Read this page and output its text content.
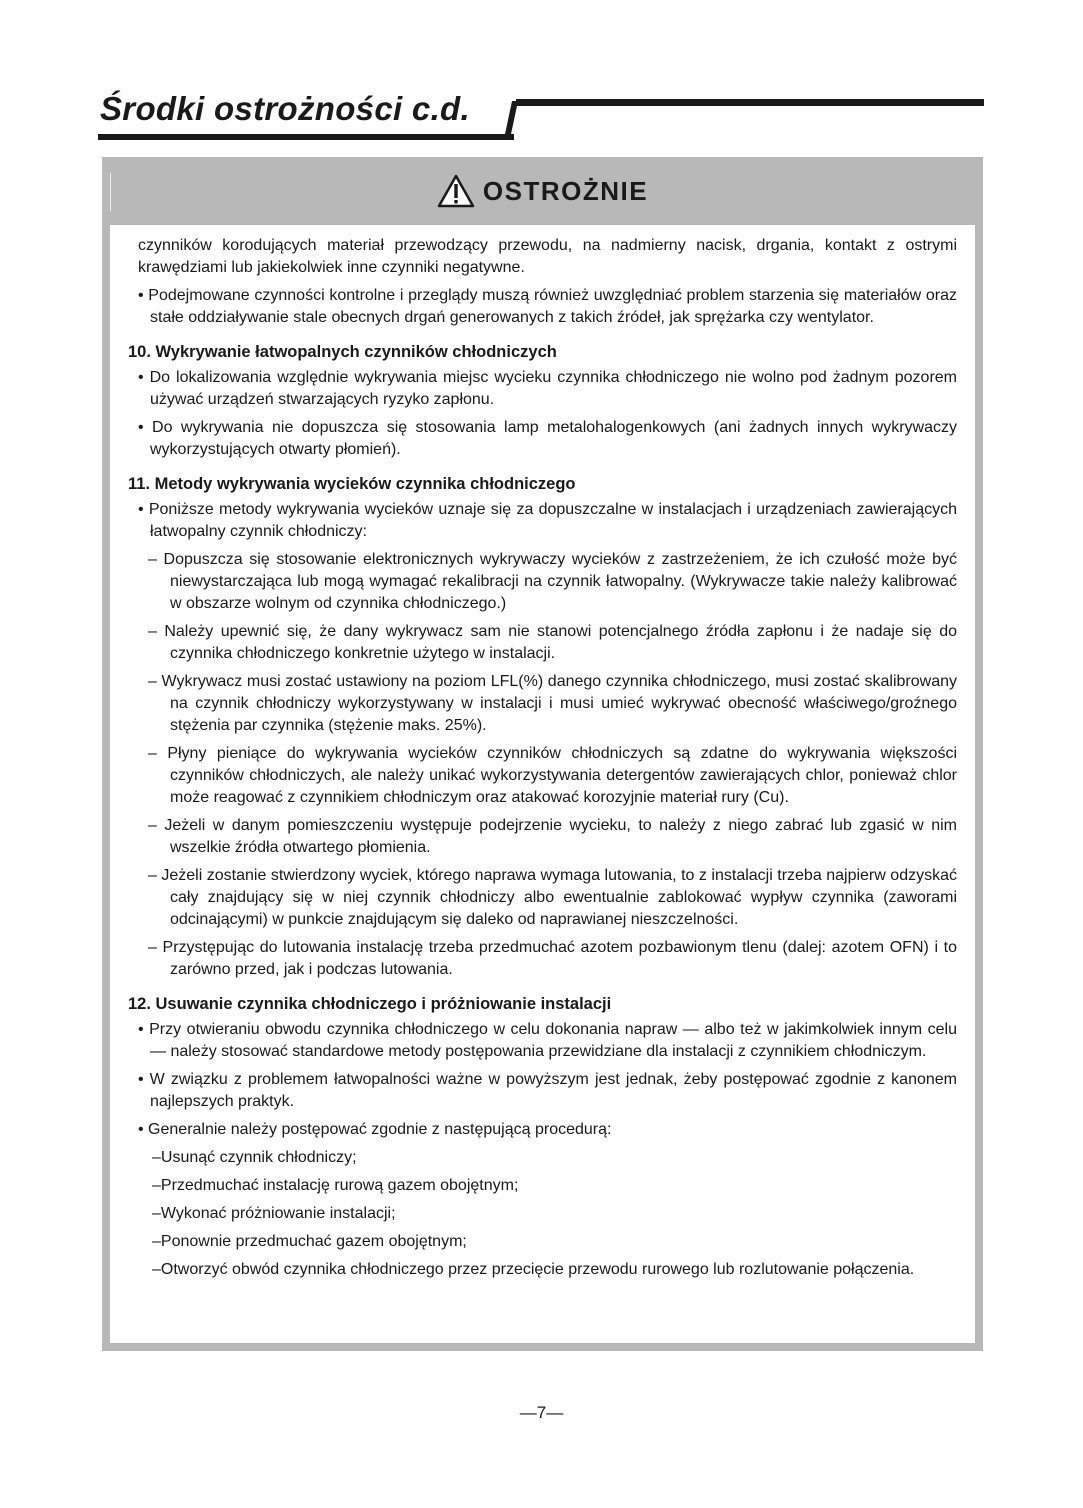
Środki ostrożności c.d.
OSTROŻNIE
czynników korodujących materiał przewodzący przewodu, na nadmierny nacisk, drgania, kontakt z ostrymi krawędziami lub jakiekolwiek inne czynniki negatywne.
• Podejmowane czynności kontrolne i przeglądy muszą również uwzględniać problem starzenia się materiałów oraz stałe oddziaływanie stale obecnych drgań generowanych z takich źródeł, jak sprężarka czy wentylator.
10. Wykrywanie łatwopalnych czynników chłodniczych
• Do lokalizowania względnie wykrywania miejsc wycieku czynnika chłodniczego nie wolno pod żadnym pozorem używać urządzeń stwarzających ryzyko zapłonu.
• Do wykrywania nie dopuszcza się stosowania lamp metalohalogenkowych (ani żadnych innych wykrywaczy wykorzystujących otwarty płomień).
11. Metody wykrywania wycieków czynnika chłodniczego
• Poniższe metody wykrywania wycieków uznaje się za dopuszczalne w instalacjach i urządzeniach zawierających łatwopalny czynnik chłodniczy:
– Dopuszcza się stosowanie elektronicznych wykrywaczy wycieków z zastrzeżeniem, że ich czułość może być niewystarczająca lub mogą wymagać rekalibracji na czynnik łatwopalny. (Wykrywacze takie należy kalibrować w obszarze wolnym od czynnika chłodniczego.)
– Należy upewnić się, że dany wykrywacz sam nie stanowi potencjalnego źródła zapłonu i że nadaje się do czynnika chłodniczego konkretnie użytego w instalacji.
– Wykrywacz musi zostać ustawiony na poziom LFL(%) danego czynnika chłodniczego, musi zostać skalibrowany na czynnik chłodniczy wykorzystywany w instalacji i musi umieć wykrywać obecność właściwego/groźnego stężenia par czynnika (stężenie maks. 25%).
– Płyny pieniące do wykrywania wycieków czynników chłodniczych są zdatne do wykrywania większości czynników chłodniczych, ale należy unikać wykorzystywania detergentów zawierających chlor, ponieważ chlor może reagować z czynnikiem chłodniczym oraz atakować korozyjnie materiał rury (Cu).
– Jeżeli w danym pomieszczeniu występuje podejrzenie wycieku, to należy z niego zabrać lub zgasić w nim wszelkie źródła otwartego płomienia.
– Jeżeli zostanie stwierdzony wyciek, którego naprawa wymaga lutowania, to z instalacji trzeba najpierw odzyskać cały znajdujący się w niej czynnik chłodniczy albo ewentualnie zablokować wypływ czynnika (zaworami odcinającymi) w punkcie znajdującym się daleko od naprawianej nieszczelności.
– Przystępując do lutowania instalację trzeba przedmuchać azotem pozbawionym tlenu (dalej: azotem OFN) i to zarówno przed, jak i podczas lutowania.
12. Usuwanie czynnika chłodniczego i próżniowanie instalacji
• Przy otwieraniu obwodu czynnika chłodniczego w celu dokonania napraw — albo też w jakimkolwiek innym celu — należy stosować standardowe metody postępowania przewidziane dla instalacji z czynnikiem chłodniczym.
• W związku z problemem łatwopalności ważne w powyższym jest jednak, żeby postępować zgodnie z kanonem najlepszych praktyk.
• Generalnie należy postępować zgodnie z następującą procedurą:
–Usunąć czynnik chłodniczy;
–Przedmuchać instalację rurową gazem obojętnym;
–Wykonać próżniowanie instalacji;
–Ponownie przedmuchać gazem obojętnym;
–Otworzyć obwód czynnika chłodniczego przez przecięcie przewodu rurowego lub rozlutowanie połączenia.
—7—
